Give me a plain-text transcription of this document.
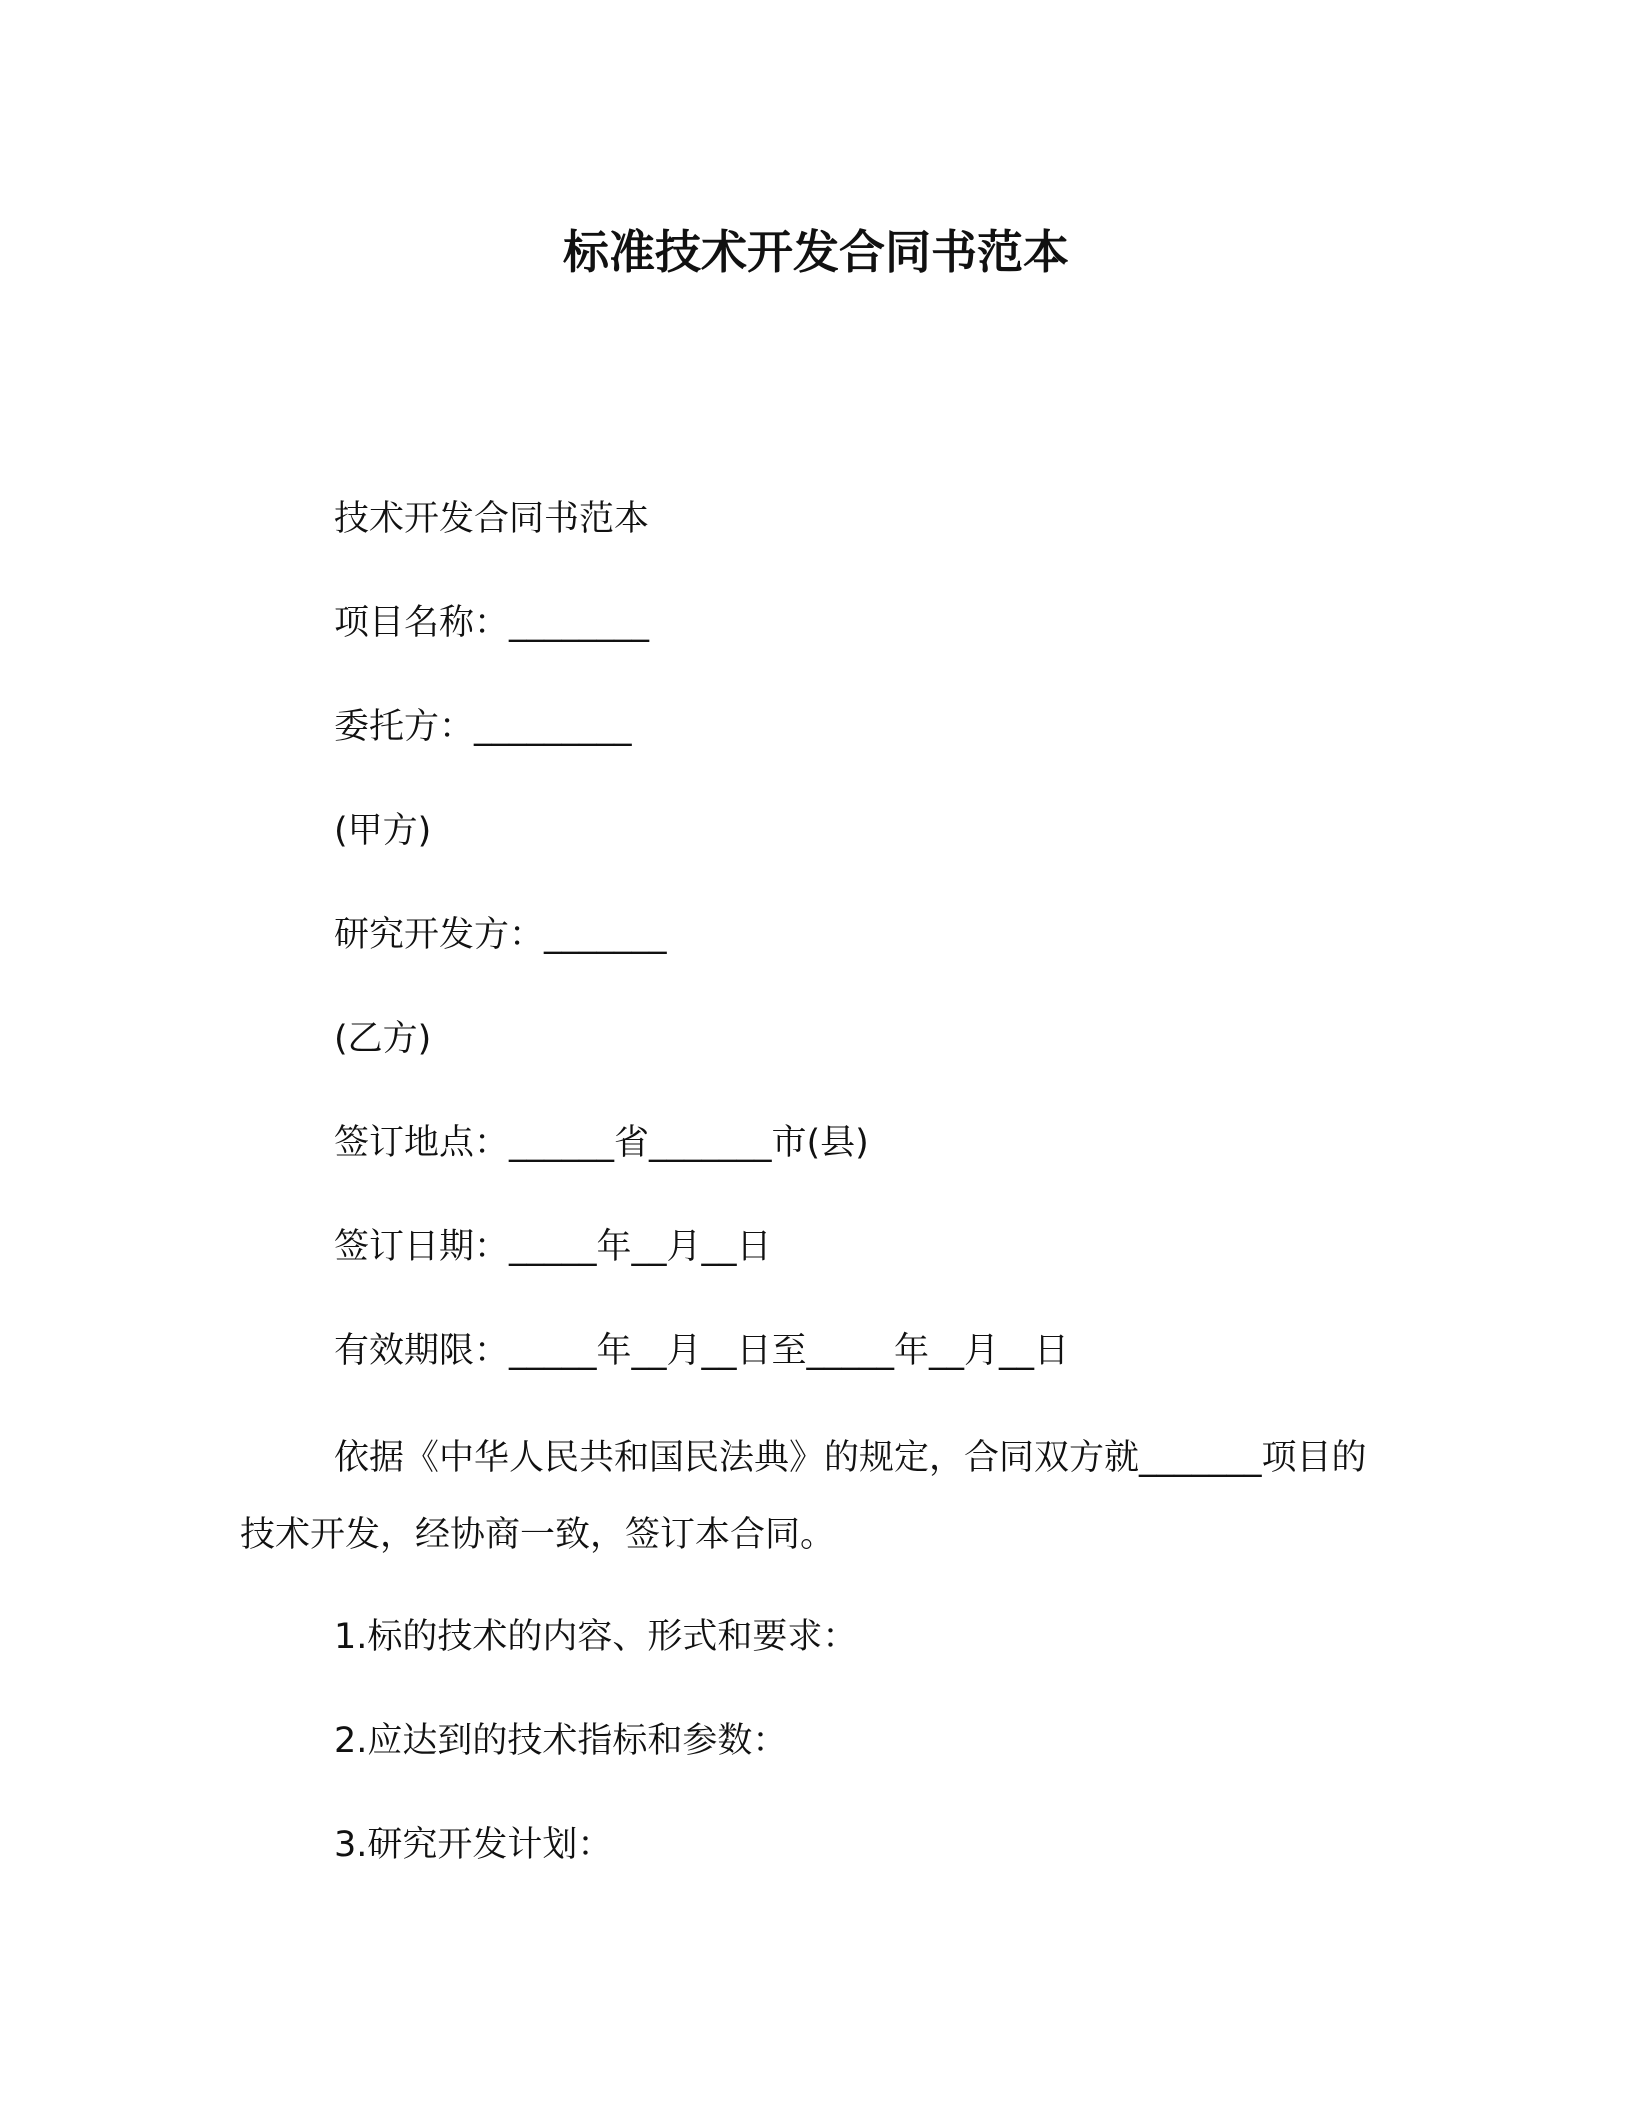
标准技术开发合同书范本
技术开发合同书范本
项目名称：________
委托方：_________
(甲方)
研究开发方：_______
(乙方)
签订地点：______省_______市(县)
签订日期：_____年__月__日
有效期限：_____年__月__日至_____年__月__日
依据《中华人民共和国民法典》的规定，合同双方就_______项目的技术开发，经协商一致，签订本合同。
1.标的技术的内容、形式和要求：
2.应达到的技术指标和参数：
3.研究开发计划：
